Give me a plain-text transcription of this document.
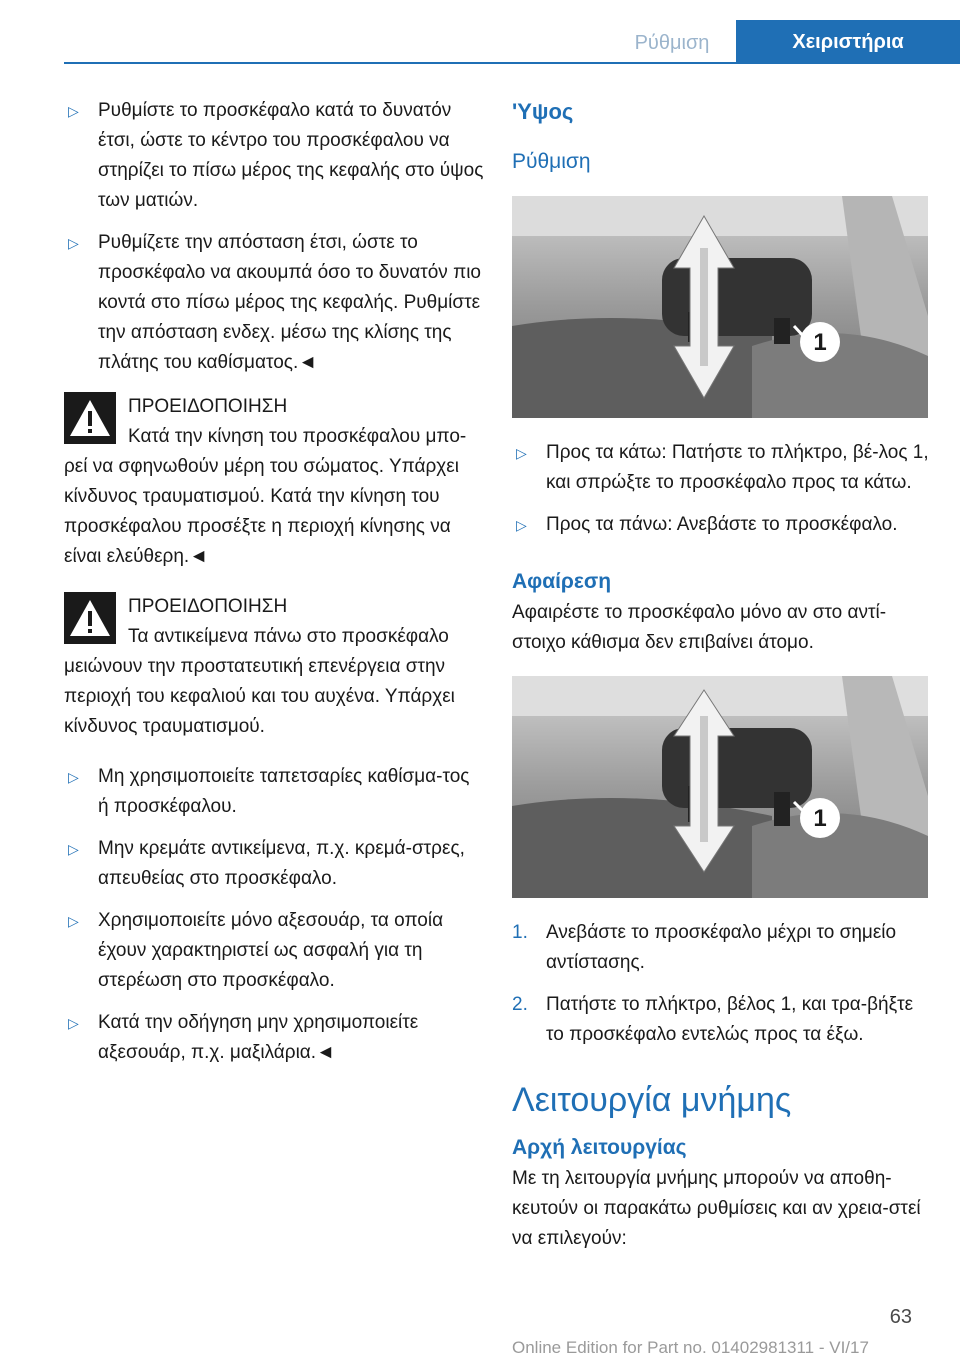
Ρύθμιση	Χειριστήρια
▷ Ρυθμίστε το προσκέφαλο κατά το δυνατόν έτσι, ώστε το κέντρο του προσκέφαλου να στηρίζει το πίσω μέρος της κεφαλής στο ύψος των ματιών.
▷ Ρυθμίζετε την απόσταση έτσι, ώστε το προσκέφαλο να ακουμπά όσο το δυνατόν πιο κοντά στο πίσω μέρος της κεφαλής. Ρυθμίστε την απόσταση ενδεχ. μέσω της κλίσης της πλάτης του καθίσματος.◄
ΠΡΟΕΙΔΟΠΟΙΗΣΗ

Κατά την κίνηση του προσκέφαλου μπο-ρεί να σφηνωθούν μέρη του σώματος. Υπάρχει κίνδυνος τραυματισμού. Κατά την κίνηση του προσκέφαλου προσέξτε η περιοχή κίνησης να είναι ελεύθερη.◄

ΠΡΟΕΙΔΟΠΟΙΗΣΗ

Τα αντικείμενα πάνω στο προσκέφαλο μειώνουν την προστατευτική επενέργεια στην περιοχή του κεφαλιού και του αυχένα. Υπάρχει κίνδυνος τραυματισμού.

▷ Μη χρησιμοποιείτε ταπετσαρίες καθίσμα-τος ή προσκέφαλου.
▷ Μην κρεμάτε αντικείμενα, π.χ. κρεμά-στρες, απευθείας στο προσκέφαλο.
▷ Χρησιμοποιείτε μόνο αξεσουάρ, τα οποία έχουν χαρακτηριστεί ως ασφαλή για τη στερέωση στο προσκέφαλο.
▷ Κατά την οδήγηση μην χρησιμοποιείτε αξεσουάρ, π.χ. μαξιλάρια.◄
'Υψος
Ρύθμιση
1
▷ Προς τα κάτω: Πατήστε το πλήκτρο, βέ-λος 1, και σπρώξτε το προσκέφαλο προς τα κάτω.
▷ Προς τα πάνω: Ανεβάστε το προσκέφαλο.
Αφαίρεση

Αφαιρέστε το προσκέφαλο μόνο αν στο αντί-στοιχο κάθισμα δεν επιβαίνει άτομο.

1
1. Ανεβάστε το προσκέφαλο μέχρι το σημείο αντίστασης.
2. Πατήστε το πλήκτρο, βέλος 1, και τρα-βήξτε το προσκέφαλο εντελώς προς τα έξω.
Λειτουργία μνήμης
Αρχή λειτουργίας

Με τη λειτουργία μνήμης μπορούν να αποθη-κευτούν οι παρακάτω ρυθμίσεις και αν χρεια-στεί να επιλεγούν:

63
Online Edition for Part no. 01402981311 - VI/17
